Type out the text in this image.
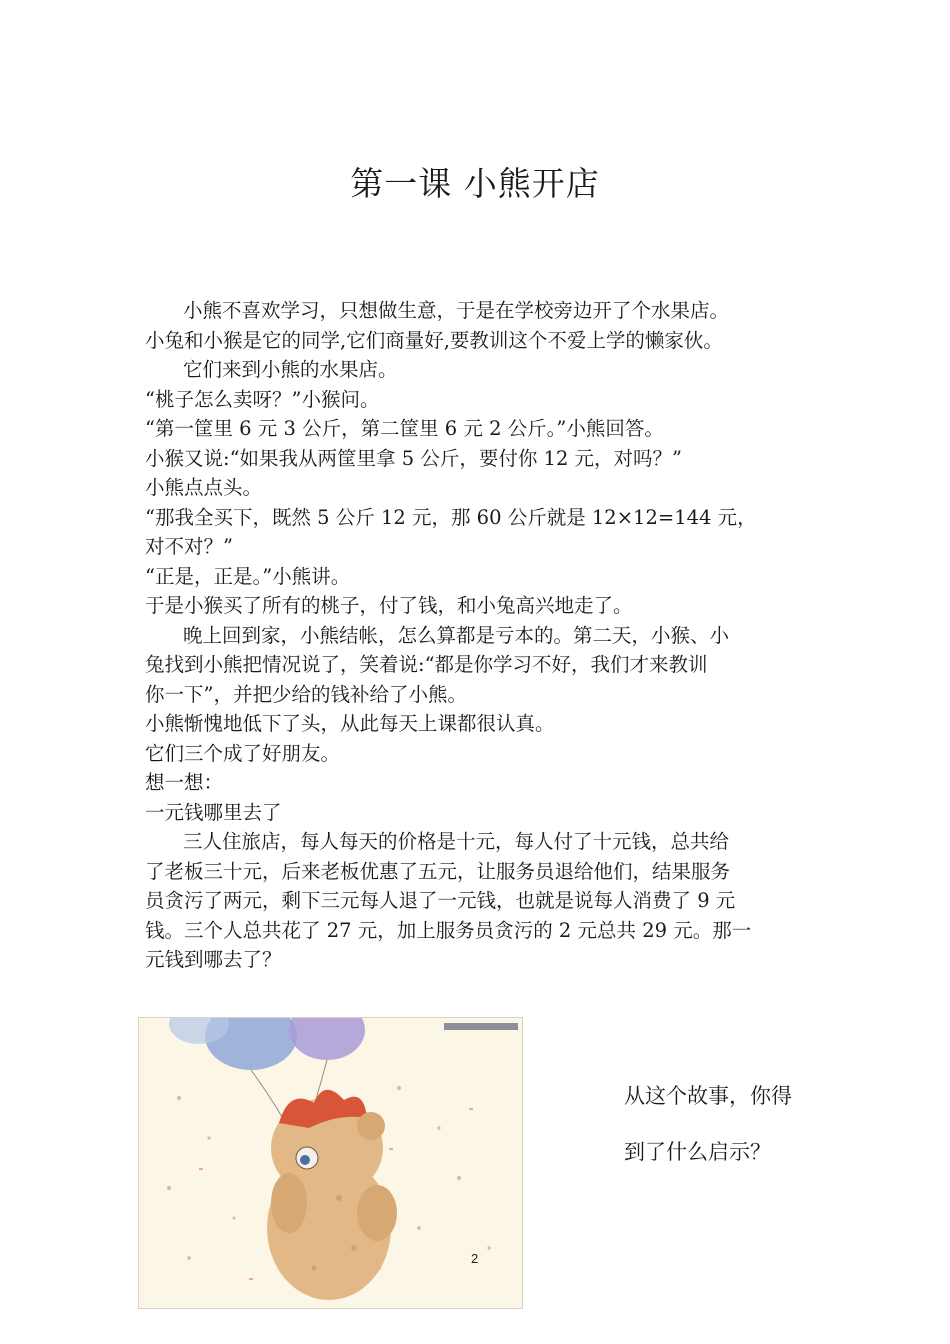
第一课 小熊开店
小熊不喜欢学习，只想做生意，于是在学校旁边开了个水果店。
小兔和小猴是它的同学,它们商量好,要教训这个不爱上学的懒家伙。
它们来到小熊的水果店。
“桃子怎么卖呀？”小猴问。
“第一筐里 6 元 3 公斤，第二筐里 6 元 2 公斤。”小熊回答。
小猴又说:“如果我从两筐里拿 5 公斤，要付你 12 元，对吗？”
小熊点点头。
“那我全买下，既然 5 公斤 12 元，那 60 公斤就是 12×12=144 元，
对不对？”
“正是，正是。”小熊讲。
于是小猴买了所有的桃子，付了钱，和小兔高兴地走了。
晚上回到家，小熊结帐，怎么算都是亏本的。第二天，小猴、小
兔找到小熊把情况说了，笑着说:“都是你学习不好，我们才来教训
你一下”，并把少给的钱补给了小熊。
小熊惭愧地低下了头，从此每天上课都很认真。
它们三个成了好朋友。
想一想：
一元钱哪里去了
三人住旅店，每人每天的价格是十元，每人付了十元钱，总共给
了老板三十元，后来老板优惠了五元，让服务员退给他们，结果服务
员贪污了两元，剩下三元每人退了一元钱，也就是说每人消费了 9 元
钱。三个人总共花了 27 元，加上服务员贪污的 2 元总共 29 元。那一
元钱到哪去了？
2
从这个故事，你得
到了什么启示？
